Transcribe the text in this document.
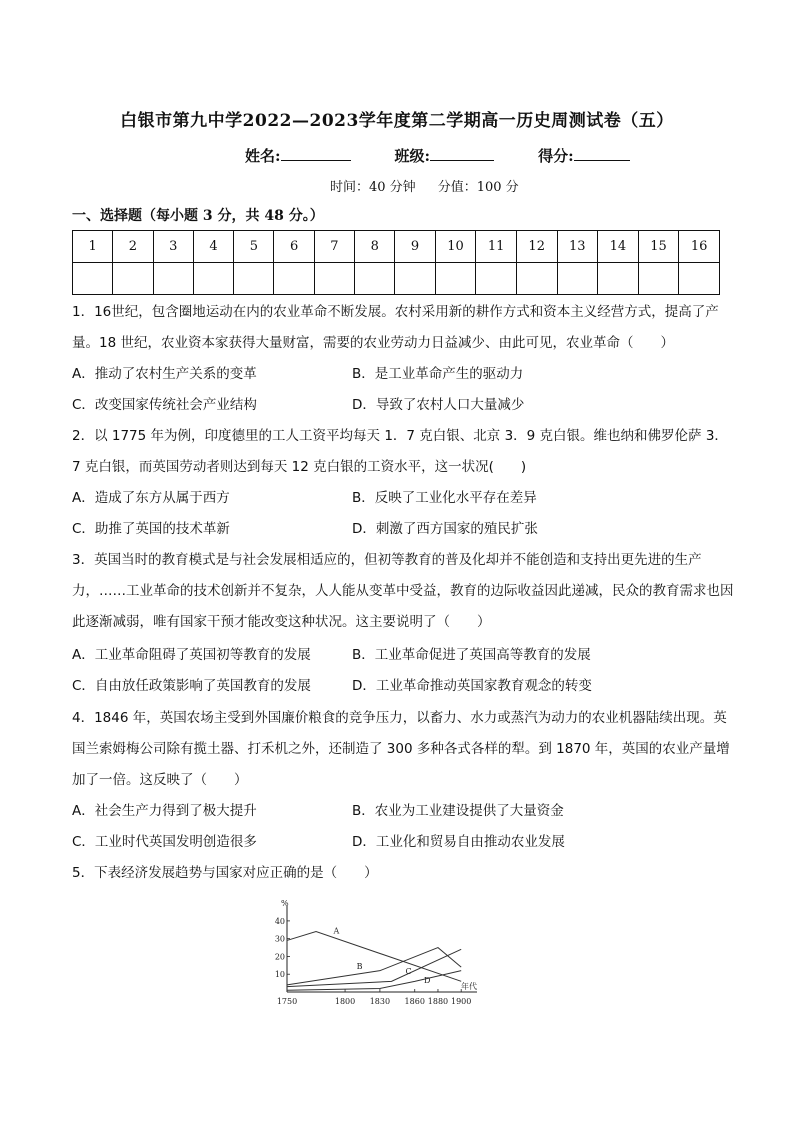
白银市第九中学2022—2023学年度第二学期高一历史周测试卷（五）
姓名:	班级:	得分:
时间：40 分钟 分值：100 分
一、选择题（每小题 3 分，共 48 分。）
1	2	3	4	5	6	7	8	9	10	11	12	13	14	15	16

1．16世纪，包含圈地运动在内的农业革命不断发展。农村采用新的耕作方式和资本主义经营方式，提高了产量。18 世纪，农业资本家获得大量财富，需要的农业劳动力日益减少、由此可见，农业革命（　　）
A．推动了农村生产关系的变革	B．是工业革命产生的驱动力
C．改变国家传统社会产业结构	D．导致了农村人口大量减少
2．以 1775 年为例，印度德里的工人工资平均每天 1．7 克白银、北京 3．9 克白银。维也纳和佛罗伦萨 3．7 克白银，而英国劳动者则达到每天 12 克白银的工资水平，这一状况(　　)
A．造成了东方从属于西方	B．反映了工业化水平存在差异
C．助推了英国的技术革新	D．刺激了西方国家的殖民扩张
3．英国当时的教育模式是与社会发展相适应的，但初等教育的普及化却并不能创造和支持出更先进的生产力，……工业革命的技术创新并不复杂，人人能从变革中受益，教育的边际收益因此递减，民众的教育需求也因此逐渐减弱，唯有国家干预才能改变这种状况。这主要说明了（　　）
A．工业革命阻碍了英国初等教育的发展	B．工业革命促进了英国高等教育的发展
C．自由放任政策影响了英国教育的发展	D．工业革命推动英国家教育观念的转变
4．1846 年，英国农场主受到外国廉价粮食的竞争压力，以畜力、水力或蒸汽为动力的农业机器陆续出现。英国兰索姆梅公司除有揽土器、打禾机之外，还制造了 300 多种各式各样的犁。到 1870 年，英国的农业产量增加了一倍。这反映了（　　）
A．社会生产力得到了极大提升	B．农业为工业建设提供了大量资金
C．工业时代英国发明创造很多	D．工业化和贸易自由推动农业发展
5．下表经济发展趋势与国家对应正确的是（　　）
%
10
20
30
40
1750	1800 1830 1860 1880 1900
年代
A
B
C
D
